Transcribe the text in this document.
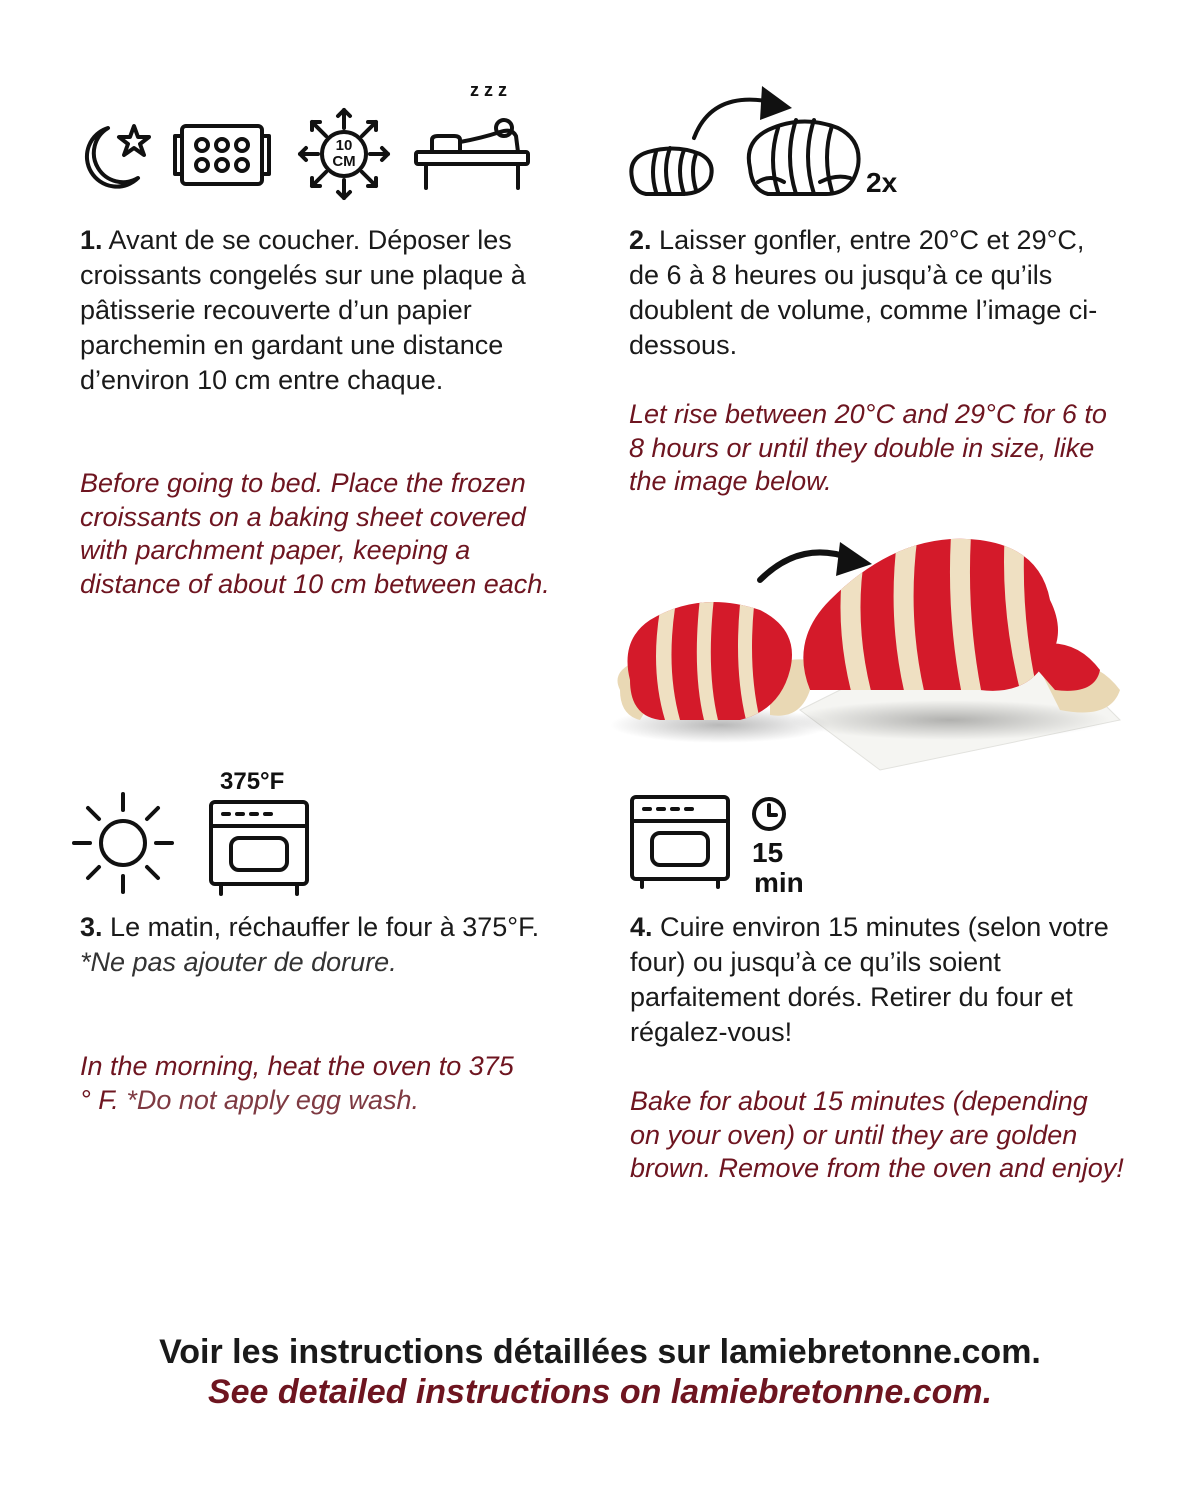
10
CM
z z z

1. Avant de se coucher. Déposer les croissants congelés sur une plaque à pâtisserie recouverte d’un papier parchemin en gardant une distance d’environ 10 cm entre chaque.

Before going to bed. Place the frozen croissants on a baking sheet covered with parchment paper, keeping a distance of about 10 cm between each.

2x

2. Laisser gonfler, entre 20°C et 29°C, de 6 à 8 heures ou jusqu’à ce qu’ils doublent de volume, comme l’image ci-dessous.

Let rise between 20°C and 29°C for 6 to 8 hours or until they double in size, like the image below.

375°F

3. Le matin, réchauffer le four à 375°F. *Ne pas ajouter de dorure.

In the morning, heat the oven to 375 ° F. *Do not apply egg wash.

15
min

4. Cuire environ 15 minutes (selon votre four) ou jusqu’à ce qu’ils soient parfaitement dorés. Retirer du four et régalez-vous!

Bake for about 15 minutes (depending on your oven) or until they are golden brown. Remove from the oven and enjoy!

Voir les instructions détaillées sur lamiebretonne.com.
See detailed instructions on lamiebretonne.com.
